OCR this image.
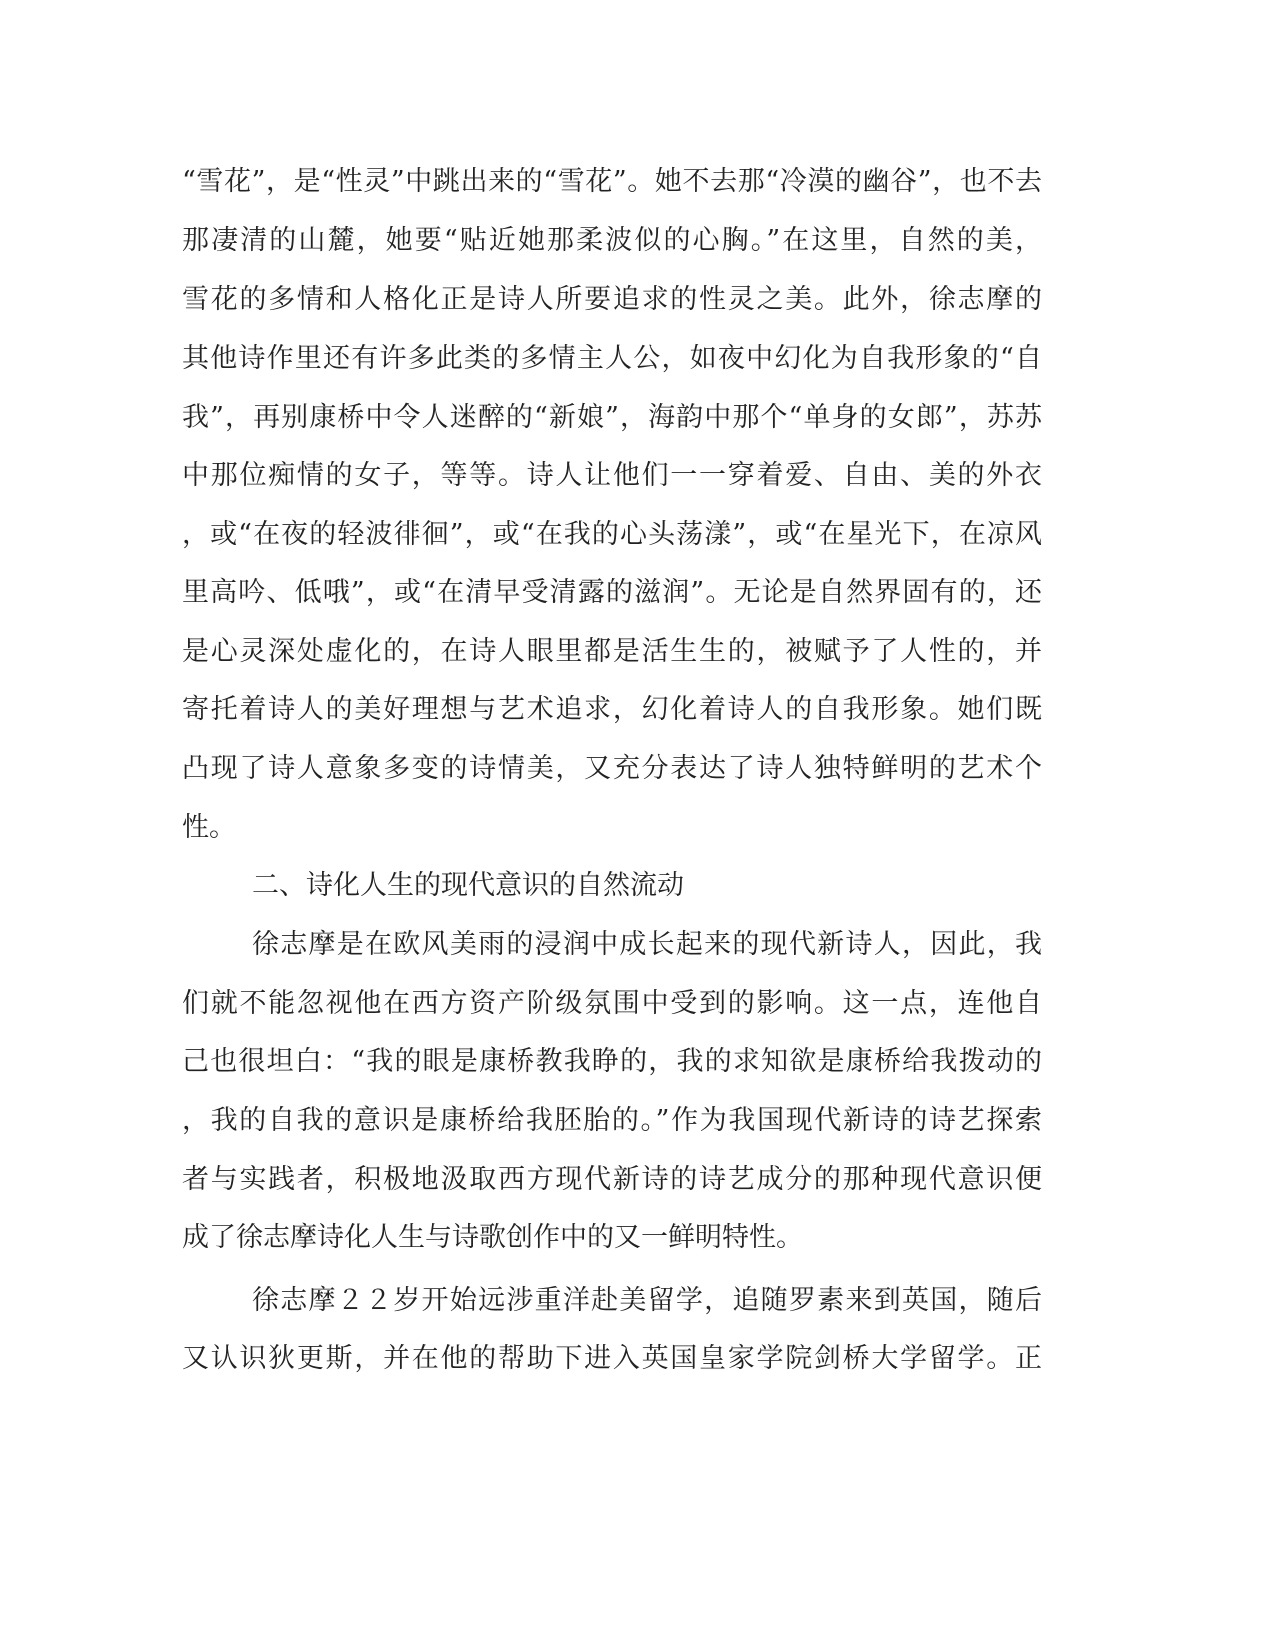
“雪花”，是“性灵”中跳出来的“雪花”。她不去那“冷漠的幽谷”，也不去
那凄清的山麓，她要“贴近她那柔波似的心胸。”在这里，自然的美，
雪花的多情和人格化正是诗人所要追求的性灵之美。此外，徐志摩的
其他诗作里还有许多此类的多情主人公，如夜中幻化为自我形象的“自
我”，再别康桥中令人迷醉的“新娘”，海韵中那个“单身的女郎”，苏苏
中那位痴情的女子，等等。诗人让他们一一穿着爱、自由、美的外衣
，或“在夜的轻波徘徊”，或“在我的心头荡漾”，或“在星光下，在凉风
里高吟、低哦”，或“在清早受清露的滋润”。无论是自然界固有的，还
是心灵深处虚化的，在诗人眼里都是活生生的，被赋予了人性的，并
寄托着诗人的美好理想与艺术追求，幻化着诗人的自我形象。她们既
凸现了诗人意象多变的诗情美，又充分表达了诗人独特鲜明的艺术个
性。
二、诗化人生的现代意识的自然流动
徐志摩是在欧风美雨的浸润中成长起来的现代新诗人，因此，我
们就不能忽视他在西方资产阶级氛围中受到的影响。这一点，连他自
己也很坦白：“我的眼是康桥教我睁的，我的求知欲是康桥给我拨动的
，我的自我的意识是康桥给我胚胎的。”作为我国现代新诗的诗艺探索
者与实践者，积极地汲取西方现代新诗的诗艺成分的那种现代意识便
成了徐志摩诗化人生与诗歌创作中的又一鲜明特性。
徐志摩２２岁开始远涉重洋赴美留学，追随罗素来到英国，随后
又认识狄更斯，并在他的帮助下进入英国皇家学院剑桥大学留学。正
